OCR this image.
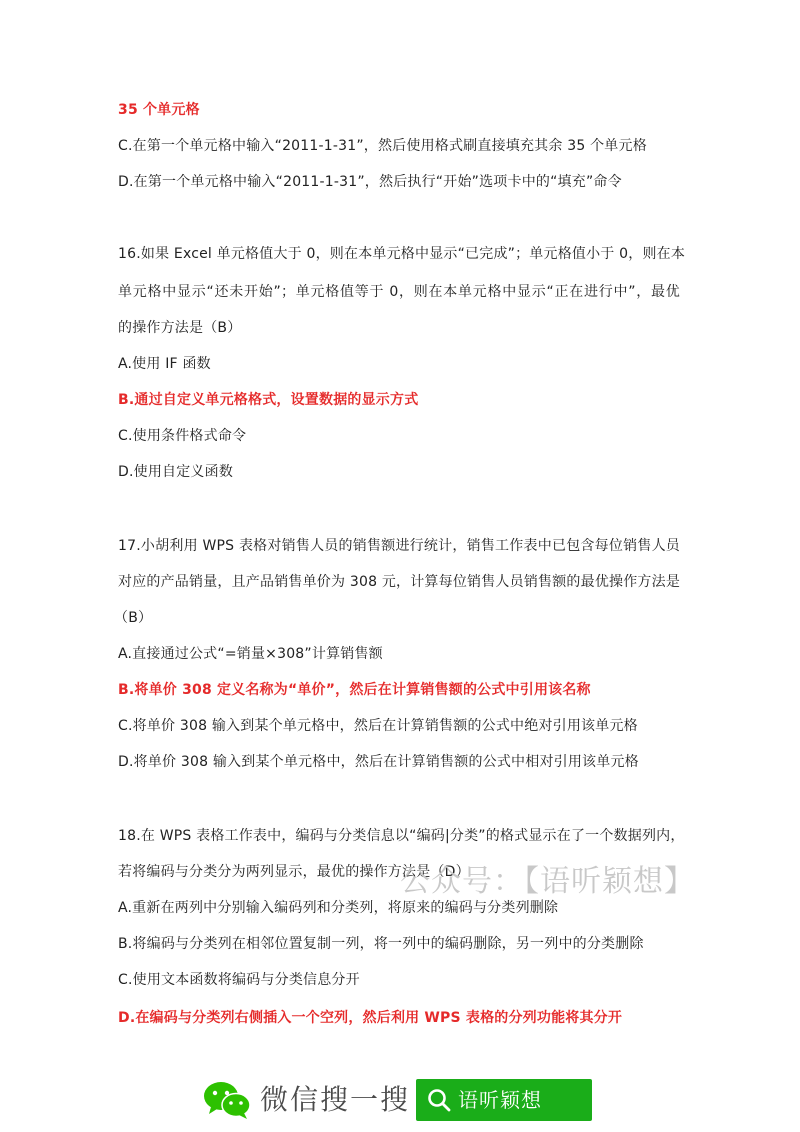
35 个单元格
C.在第一个单元格中输入“2011-1-31”，然后使用格式刷直接填充其余 35 个单元格
D.在第一个单元格中输入“2011-1-31”，然后执行“开始”选项卡中的“填充”命令
16.如果 Excel 单元格值大于 0，则在本单元格中显示“已完成”；单元格值小于 0，则在本
单元格中显示“还未开始”；单元格值等于 0，则在本单元格中显示“正在进行中”，最优
的操作方法是（B）
A.使用 IF 函数
B.通过自定义单元格格式，设置数据的显示方式
C.使用条件格式命令
D.使用自定义函数
17.小胡利用 WPS 表格对销售人员的销售额进行统计，销售工作表中已包含每位销售人员
对应的产品销量，且产品销售单价为 308 元，计算每位销售人员销售额的最优操作方法是
（B）
A.直接通过公式“=销量×308”计算销售额
B.将单价 308 定义名称为“单价”，然后在计算销售额的公式中引用该名称
C.将单价 308 输入到某个单元格中，然后在计算销售额的公式中绝对引用该单元格
D.将单价 308 输入到某个单元格中，然后在计算销售额的公式中相对引用该单元格
18.在 WPS 表格工作表中，编码与分类信息以“编码|分类”的格式显示在了一个数据列内，
若将编码与分类分为两列显示，最优的操作方法是（D）
A.重新在两列中分别输入编码列和分类列，将原来的编码与分类列删除
B.将编码与分类列在相邻位置复制一列，将一列中的编码删除，另一列中的分类删除
C.使用文本函数将编码与分类信息分开
D.在编码与分类列右侧插入一个空列，然后利用 WPS 表格的分列功能将其分开
公众号：【语听颖想】
微信搜一搜 语听颖想
